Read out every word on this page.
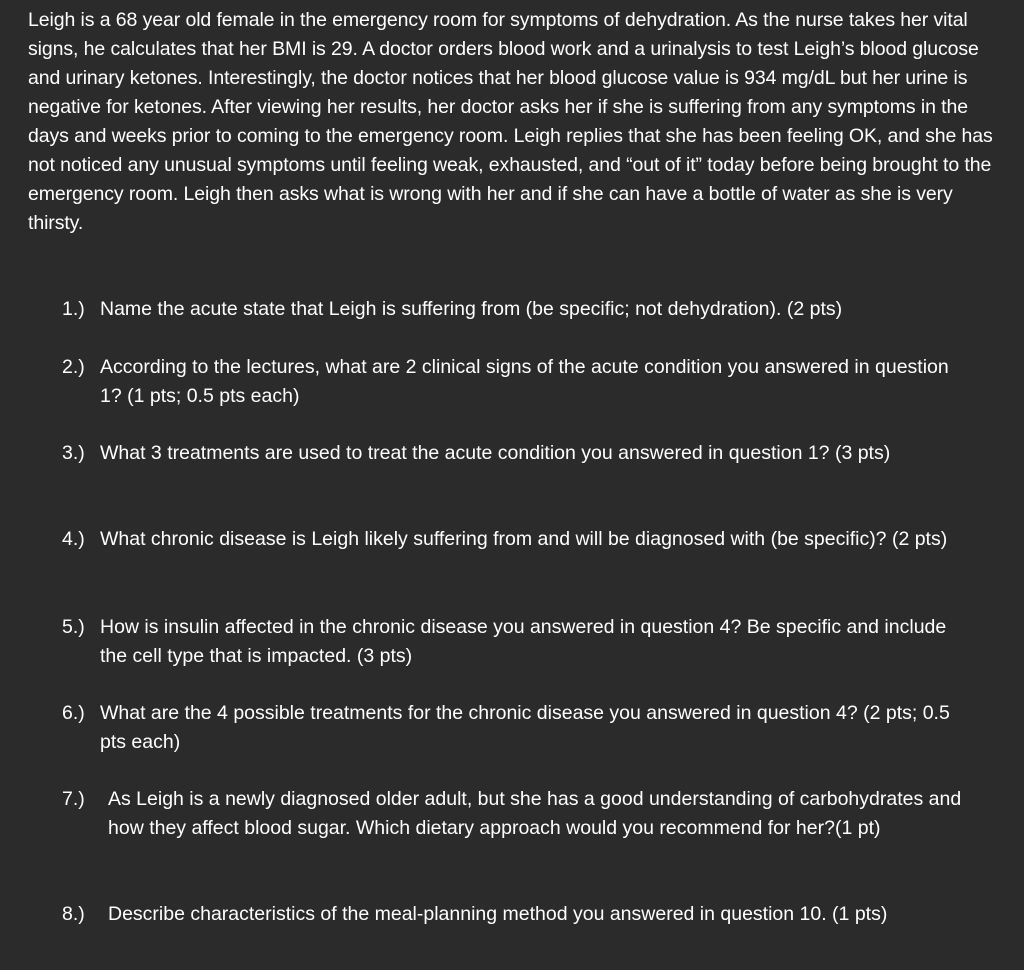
Leigh is a 68 year old female in the emergency room for symptoms of dehydration. As the nurse takes her vital signs, he calculates that her BMI is 29. A doctor orders blood work and a urinalysis to test Leigh’s blood glucose and urinary ketones. Interestingly, the doctor notices that her blood glucose value is 934 mg/dL but her urine is negative for ketones. After viewing her results, her doctor asks her if she is suffering from any symptoms in the days and weeks prior to coming to the emergency room. Leigh replies that she has been feeling OK, and she has not noticed any unusual symptoms until feeling weak, exhausted, and “out of it” today before being brought to the emergency room. Leigh then asks what is wrong with her and if she can have a bottle of water as she is very thirsty.

1.) Name the acute state that Leigh is suffering from (be specific; not dehydration). (2 pts)
2.) According to the lectures, what are 2 clinical signs of the acute condition you answered in question 1? (1 pts; 0.5 pts each)
3.) What 3 treatments are used to treat the acute condition you answered in question 1? (3 pts)
4.) What chronic disease is Leigh likely suffering from and will be diagnosed with (be specific)? (2 pts)
5.) How is insulin affected in the chronic disease you answered in question 4? Be specific and include the cell type that is impacted. (3 pts)
6.) What are the 4 possible treatments for the chronic disease you answered in question 4? (2 pts; 0.5 pts each)
7.)	As Leigh is a newly diagnosed older adult, but she has a good understanding of carbohydrates and how they affect blood sugar. Which dietary approach would you recommend for her?(1 pt)
8.)	Describe characteristics of the meal-planning method you answered in question 10. (1 pts)
